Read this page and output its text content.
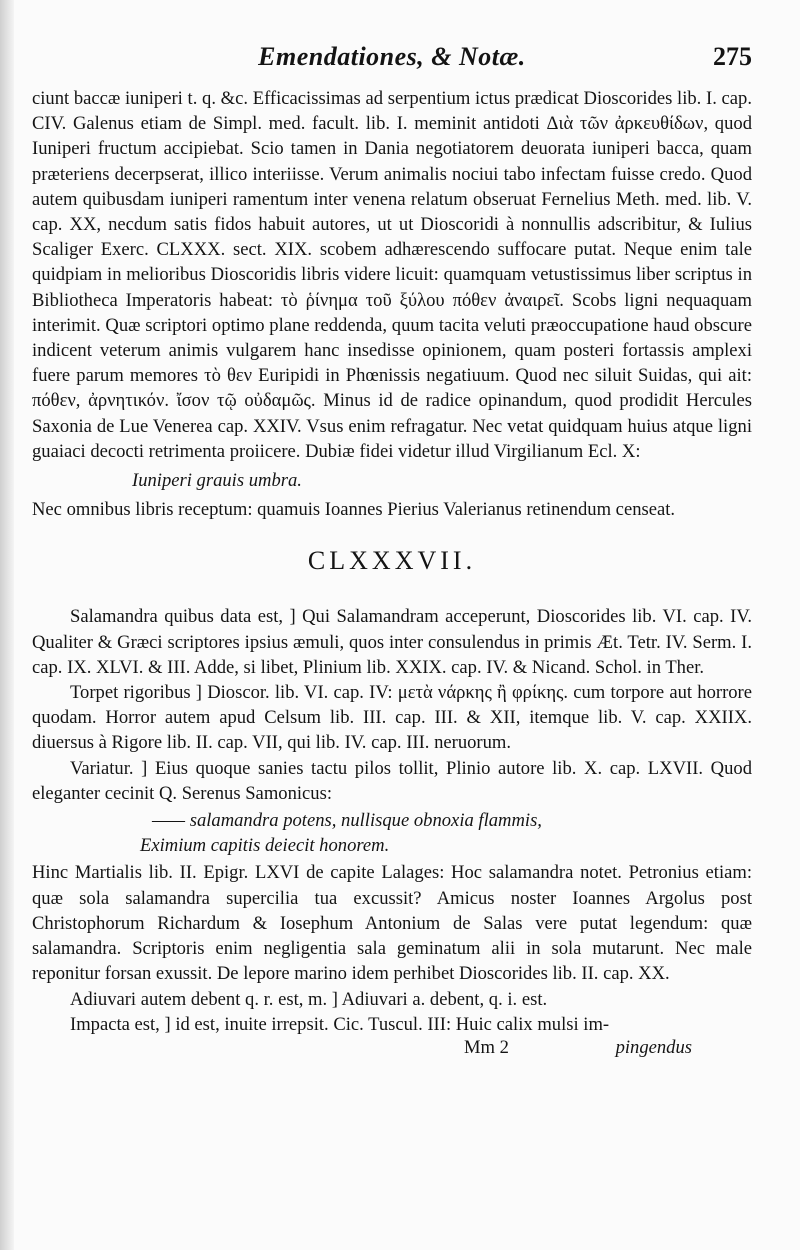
Emendationes, & Notæ.	275

ciunt baccæ iuniperi t. q. &c. Efficacissimas ad serpentium ictus prædicat Dioscorides lib. I. cap. CIV. Galenus etiam de Simpl. med. facult. lib. I. meminit antidoti Διὰ τῶν ἀρκευθίδων, quod Iuniperi fructum accipiebat. Scio tamen in Dania negotiatorem deuorata iuniperi bacca, quam præteriens decerpserat, illico interiisse. Verum animalis nociui tabo infectam fuisse credo. Quod autem quibusdam iuniperi ramentum inter venena relatum obseruat Fernelius Meth. med. lib. V. cap. XX, necdum satis fidos habuit autores, ut ut Dioscoridi à nonnullis adscribitur, & Iulius Scaliger Exerc. CLXXX. sect. XIX. scobem adhærescendo suffocare putat. Neque enim tale quidpiam in melioribus Dioscoridis libris videre licuit: quamquam vetustissimus liber scriptus in Bibliotheca Imperatoris habeat: τὸ ῥίνημα τοῦ ξύλου πόθεν ἀναιρεῖ. Scobs ligni nequaquam interimit. Quæ scriptori optimo plane reddenda, quum tacita veluti præoccupatione haud obscure indicent veterum animis vulgarem hanc insedisse opinionem, quam posteri fortassis amplexi fuere parum memores τὸ θεν Euripidi in Phœnissis negatiuum. Quod nec siluit Suidas, qui ait: πόθεν, ἀρνητικόν. ἴσον τῷ οὐδαμῶς. Minus id de radice opinandum, quod prodidit Hercules Saxonia de Lue Venerea cap. XXIV. Vsus enim refragatur. Nec vetat quidquam huius atque ligni guaiaci decocti retrimenta proiicere. Dubiæ fidei videtur illud Virgilianum Ecl. X:

Iuniperi grauis umbra.

Nec omnibus libris receptum: quamuis Ioannes Pierius Valerianus retinendum censeat.

CLXXXVII.

Salamandra quibus data est, ] Qui Salamandram acceperunt, Dioscorides lib. VI. cap. IV. Qualiter & Græci scriptores ipsius æmuli, quos inter consulendus in primis Æt. Tetr. IV. Serm. I. cap. IX. XLVI. & III. Adde, si libet, Plinium lib. XXIX. cap. IV. & Nicand. Schol. in Ther.

Torpet rigoribus ] Dioscor. lib. VI. cap. IV: μετὰ νάρκης ἢ φρίκης. cum torpore aut horrore quodam. Horror autem apud Celsum lib. III. cap. III. & XII, itemque lib. V. cap. XXIIX. diuersus à Rigore lib. II. cap. VII, qui lib. IV. cap. III. neruorum.

Variatur. ] Eius quoque sanies tactu pilos tollit, Plinio autore lib. X. cap. LXVII. Quod eleganter cecinit Q. Serenus Samonicus:

—— salamandra potens, nullisque obnoxia flammis,
Eximium capitis deiecit honorem.

Hinc Martialis lib. II. Epigr. LXVI de capite Lalages: Hoc salamandra notet. Petronius etiam: quæ sola salamandra supercilia tua excussit? Amicus noster Ioannes Argolus post Christophorum Richardum & Iosephum Antonium de Salas vere putat legendum: quæ salamandra. Scriptoris enim negligentia sala geminatum alii in sola mutarunt. Nec male reponitur forsan exussit. De lepore marino idem perhibet Dioscorides lib. II. cap. XX.

Adiuvari autem debent q. r. est, m. ] Adiuvari a. debent, q. i. est.

Impacta est, ] id est, inuite irrepsit. Cic. Tuscul. III: Huic calix mulsi im-

Mm 2	pingendus
